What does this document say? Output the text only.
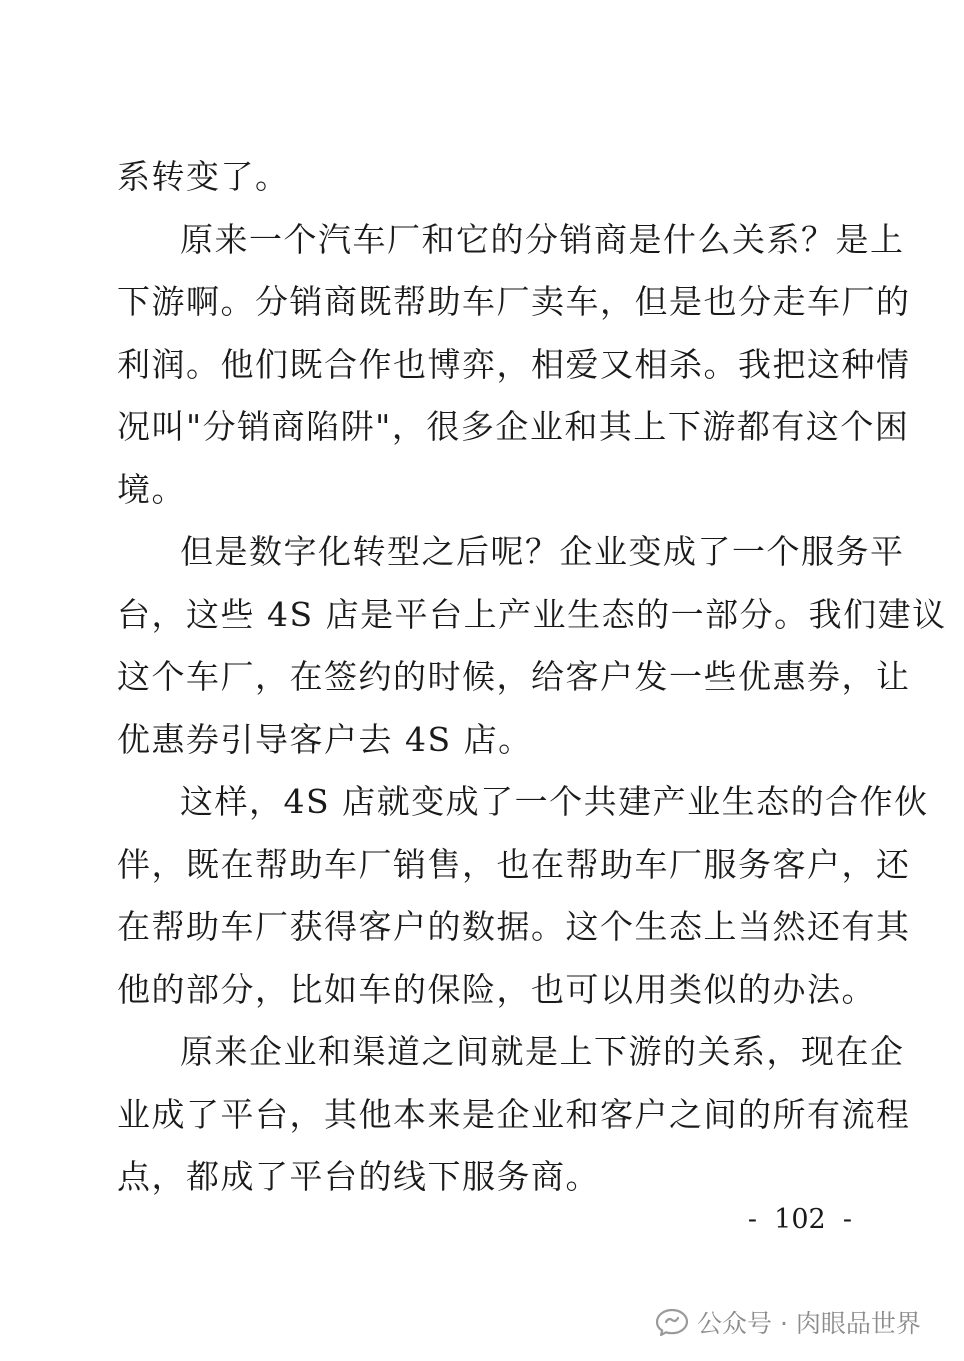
系转变了。
原来一个汽车厂和它的分销商是什么关系？是上
下游啊。分销商既帮助车厂卖车，但是也分走车厂的
利润。他们既合作也博弈，相爱又相杀。我把这种情
况叫"分销商陷阱"，很多企业和其上下游都有这个困
境。
但是数字化转型之后呢？企业变成了一个服务平
台，这些 4S 店是平台上产业生态的一部分。我们建议
这个车厂，在签约的时候，给客户发一些优惠券，让
优惠券引导客户去 4S 店。
这样，4S 店就变成了一个共建产业生态的合作伙
伴，既在帮助车厂销售，也在帮助车厂服务客户，还
在帮助车厂获得客户的数据。这个生态上当然还有其
他的部分，比如车的保险，也可以用类似的办法。
原来企业和渠道之间就是上下游的关系，现在企
业成了平台，其他本来是企业和客户之间的所有流程
点，都成了平台的线下服务商。
-  102  -
公众号 · 肉眼品世界
